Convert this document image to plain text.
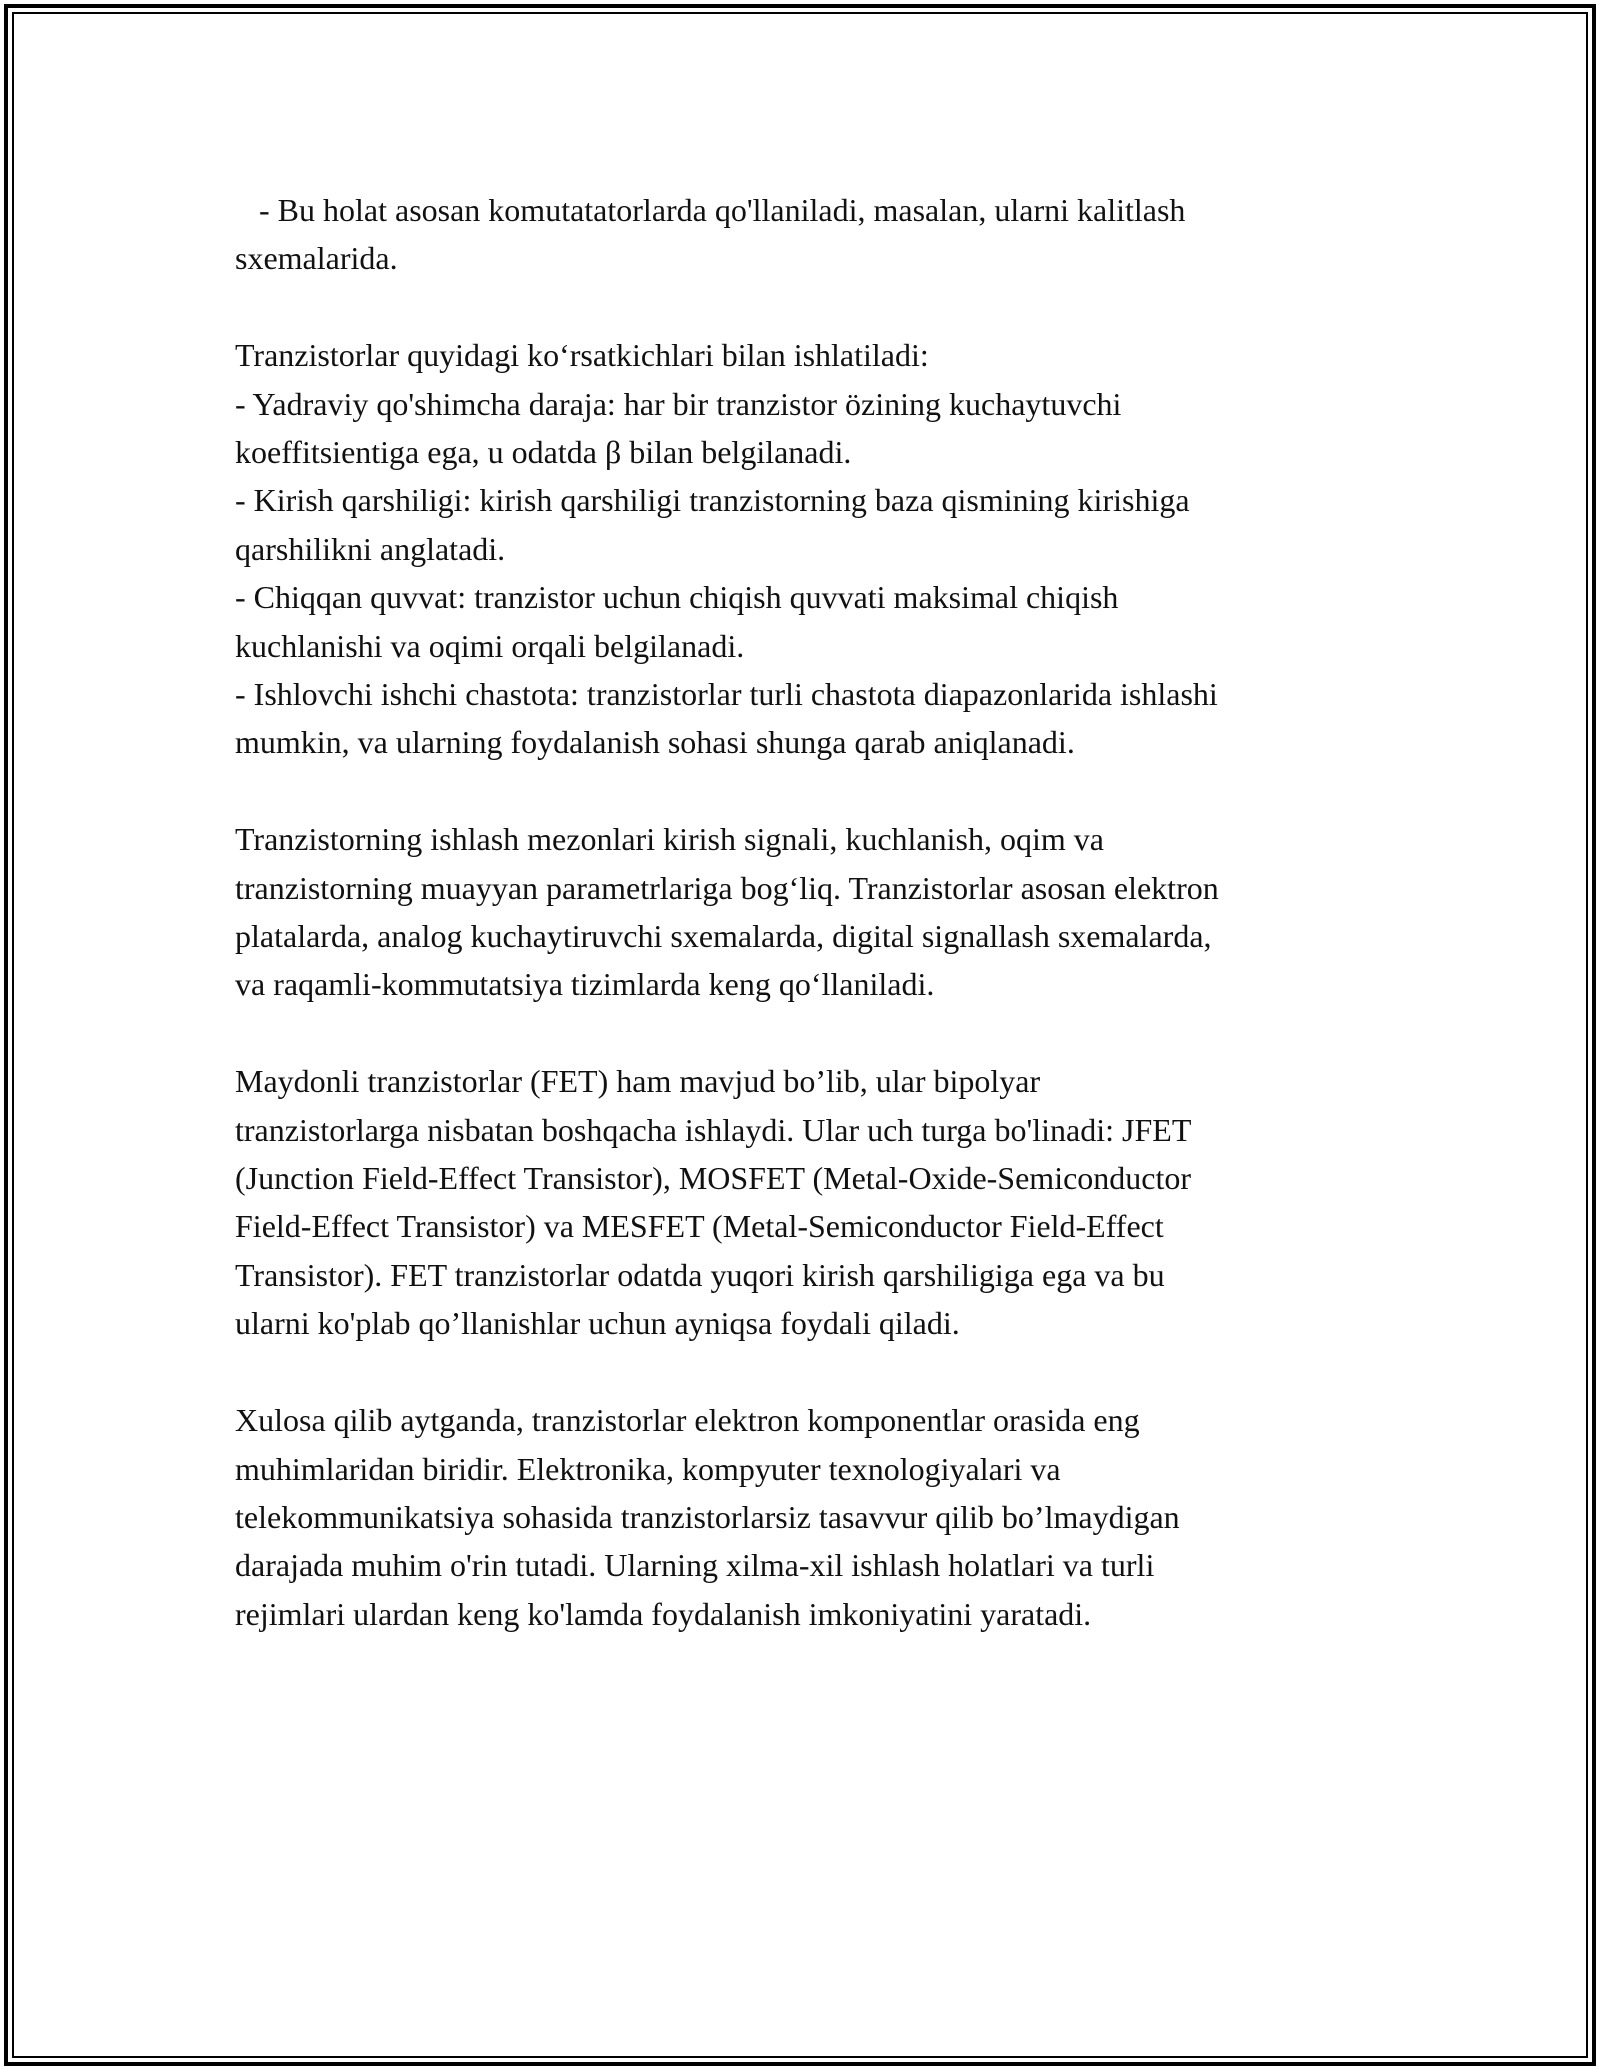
- Bu holat asosan komutatatorlarda qo'llaniladi, masalan, ularni kalitlash

sxemalarida.

Tranzistorlar quyidagi koʻrsatkichlari bilan ishlatiladi:

- Yadraviy qo'shimcha daraja: har bir tranzistor özining kuchaytuvchi

koeffitsientiga ega, u odatda β bilan belgilanadi.

- Kirish qarshiligi: kirish qarshiligi tranzistorning baza qismining kirishiga

qarshilikni anglatadi.

- Chiqqan quvvat: tranzistor uchun chiqish quvvati maksimal chiqish

kuchlanishi va oqimi orqali belgilanadi.

- Ishlovchi ishchi chastota: tranzistorlar turli chastota diapazonlarida ishlashi

mumkin, va ularning foydalanish sohasi shunga qarab aniqlanadi.

Tranzistorning ishlash mezonlari kirish signali, kuchlanish, oqim va

tranzistorning muayyan parametrlariga bogʻliq. Tranzistorlar asosan elektron

platalarda, analog kuchaytiruvchi sxemalarda, digital signallash sxemalarda,

va raqamli-kommutatsiya tizimlarda keng qoʻllaniladi.

Maydonli tranzistorlar (FET) ham mavjud bo’lib, ular bipolyar

tranzistorlarga nisbatan boshqacha ishlaydi. Ular uch turga bo'linadi: JFET

(Junction Field-Effect Transistor), MOSFET (Metal-Oxide-Semiconductor

Field-Effect Transistor) va MESFET (Metal-Semiconductor Field-Effect

Transistor). FET tranzistorlar odatda yuqori kirish qarshiligiga ega va bu

ularni ko'plab qo’llanishlar uchun ayniqsa foydali qiladi.

Xulosa qilib aytganda, tranzistorlar elektron komponentlar orasida eng

muhimlaridan biridir. Elektronika, kompyuter texnologiyalari va

telekommunikatsiya sohasida tranzistorlarsiz tasavvur qilib bo’lmaydigan

darajada muhim o'rin tutadi. Ularning xilma-xil ishlash holatlari va turli

rejimlari ulardan keng ko'lamda foydalanish imkoniyatini yaratadi.
